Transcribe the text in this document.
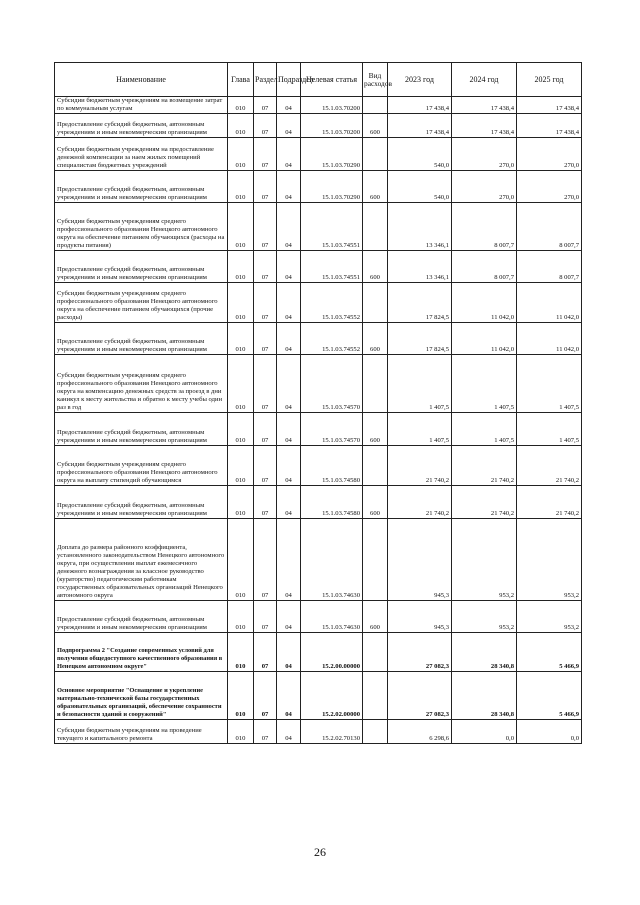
Наименование	Глава	Раздел	Подраздел	Целевая статья	Вид расходов	2023 год	2024 год	2025 год
Субсидии бюджетным учреждениям на возмещение затрат по коммунальным услугам	010	07	04	15.1.03.70200		17 438,4	17 438,4	17 438,4
Предоставление субсидий бюджетным, автономным учреждениям и иным некоммерческим организациям	010	07	04	15.1.03.70200	600	17 438,4	17 438,4	17 438,4
Субсидии бюджетным учреждениям на предоставление денежной компенсации за наем жилых помещений специалистам бюджетных учреждений	010	07	04	15.1.03.70290		540,0	270,0	270,0
Предоставление субсидий бюджетным, автономным учреждениям и иным некоммерческим организациям	010	07	04	15.1.03.70290	600	540,0	270,0	270,0
Субсидии бюджетным учреждениям среднего профессионального образования Ненецкого автономного округа на обеспечение питанием обучающихся (расходы на продукты питания)	010	07	04	15.1.03.74551		13 346,1	8 007,7	8 007,7
Предоставление субсидий бюджетным, автономным учреждениям и иным некоммерческим организациям	010	07	04	15.1.03.74551	600	13 346,1	8 007,7	8 007,7
Субсидии бюджетным учреждениям среднего профессионального образования Ненецкого автономного округа на обеспечение питанием обучающихся (прочие расходы)	010	07	04	15.1.03.74552		17 824,5	11 042,0	11 042,0
Предоставление субсидий бюджетным, автономным учреждениям и иным некоммерческим организациям	010	07	04	15.1.03.74552	600	17 824,5	11 042,0	11 042,0
Субсидии бюджетным учреждениям среднего профессионального образования Ненецкого автономного округа на компенсацию денежных средств за проезд в дни каникул к месту жительства и обратно к месту учебы один раз в год	010	07	04	15.1.03.74570		1 407,5	1 407,5	1 407,5
Предоставление субсидий бюджетным, автономным учреждениям и иным некоммерческим организациям	010	07	04	15.1.03.74570	600	1 407,5	1 407,5	1 407,5
Субсидии бюджетным учреждениям среднего профессионального образования Ненецкого автономного округа на выплату стипендий обучающимся	010	07	04	15.1.03.74580		21 740,2	21 740,2	21 740,2
Предоставление субсидий бюджетным, автономным учреждениям и иным некоммерческим организациям	010	07	04	15.1.03.74580	600	21 740,2	21 740,2	21 740,2
Доплата до размера районного коэффициента, установленного законодательством Ненецкого автономного округа, при осуществлении выплат ежемесячного денежного вознаграждения за классное руководство (кураторство) педагогическим работникам государственных образовательных организаций Ненецкого автономного округа	010	07	04	15.1.03.74630		945,3	953,2	953,2
Предоставление субсидий бюджетным, автономным учреждениям и иным некоммерческим организациям	010	07	04	15.1.03.74630	600	945,3	953,2	953,2
Подпрограмма 2 "Создание современных условий для получения общедоступного качественного образования в Ненецком автономном округе"	010	07	04	15.2.00.00000		27 082,3	28 340,8	5 466,9
Основное мероприятие "Оснащение и укрепление материально-технической базы государственных образовательных организаций, обеспечение сохранности и безопасности зданий и сооружений"	010	07	04	15.2.02.00000		27 082,3	28 340,8	5 466,9
Субсидии бюджетным учреждениям на проведение текущего и капитального ремонта	010	07	04	15.2.02.70130		6 298,6	0,0	0,0
26
